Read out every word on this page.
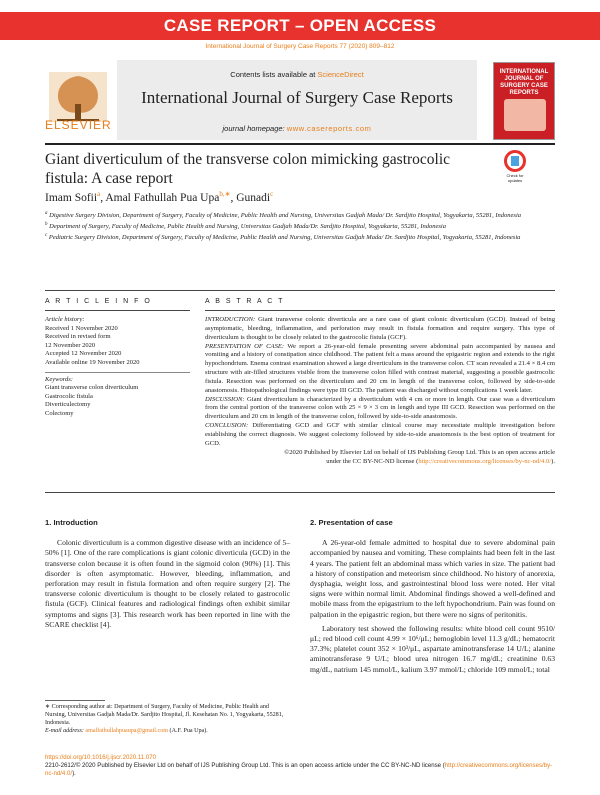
CASE REPORT – OPEN ACCESS
International Journal of Surgery Case Reports 77 (2020) 809–812
ELSEVIER
Contents lists available at ScienceDirect
International Journal of Surgery Case Reports
journal homepage: www.casereports.com
INTERNATIONAL JOURNAL OF SURGERY CASE REPORTS
Giant diverticulum of the transverse colon mimicking gastrocolic fistula: A case report	Check for updates
Imam Sofii$^a$, Amal Fathullah Pua Upa$^{b,∗}$, Gunadi$^c$
$^a$ Digestive Surgery Division, Department of Surgery, Faculty of Medicine, Public Health and Nursing, Universitas Gadjah Mada/ Dr. Sardjito Hospital, Yogyakarta, 55281, Indonesia
$^b$ Department of Surgery, Faculty of Medicine, Public Health and Nursing, Universitas Gadjah Mada/Dr. Sardjito Hospital, Yogyakarta, 55281, Indonesia
$^c$ Pediatric Surgery Division, Department of Surgery, Faculty of Medicine, Public Health and Nursing, Universitas Gadjah Mada/ Dr. Sardjito Hospital, Yogyakarta, 55281, Indonesia
A R T I C L E I N F O	A B S T R A C T
Article history:
Received 1 November 2020
Received in revised form
12 November 2020
Accepted 12 November 2020
Available online 19 November 2020
Keywords:
Giant transverse colon diverticulum
Gastrocolic fistula
Diverticulectomy
Colectomy

INTRODUCTION: Giant transverse colonic diverticula are a rare case of giant colonic diverticulum (GCD). Instead of being asymptomatic, bleeding, inflammation, and perforation may result in fistula formation and require surgery. This type of diverticulum is thought to be closely related to the gastrocolic fistula (GCF).

PRESENTATION OF CASE: We report a 26-year-old female presenting severe abdominal pain accompanied by nausea and vomiting and a history of constipation since childhood. The patient felt a mass around the epigastric region and extends to the right hypochondrium. Enema contrast examination showed a large diverticulum in the transverse colon. CT scan revealed a 21.4 × 8.4 cm structure with air-filled structures visible from the transverse colon filled with contrast material, suggesting a possible gastrocolic fistula. Resection was performed on the diverticulum and 20 cm in length of the transverse colon, followed by side-to-side anastomosis. Histopathological findings were type III GCD. The patient was discharged without complications 1 week later.

DISCUSSION: Giant diverticulum is characterized by a diverticulum with 4 cm or more in length. Our case was a diverticulum from the central portion of the transverse colon with 25 × 9 × 3 cm in length and type III GCD. Resection was performed on the diverticulum and 20 cm in length of the transverse colon, followed by side-to-side anastomosis.

CONCLUSION: Differentiating GCD and GCF with similar clinical course may necessitate multiple investigation before establishing the correct diagnosis. We suggest colectomy followed by side-to-side anastomosis is the best option of treatment for GCD.

©2020 Published by Elsevier Ltd on behalf of IJS Publishing Group Ltd. This is an open access article
under the CC BY-NC-ND license (http://creativecommons.org/licenses/by-nc-nd/4.0/).

1. Introduction

Colonic diverticulum is a common digestive disease with an incidence of 5–50% [1]. One of the rare complications is giant colonic diverticula (GCD) in the transverse colon because it is often found in the sigmoid colon (90%) [1]. This disorder is often asymptomatic. However, bleeding, inflammation, and perforation may result in fistula formation and often require surgery [2]. The transverse colonic diverticulum is thought to be closely related to gastrocolic fistula (GCF). Clinical features and radiological findings often exhibit similar symptoms and signs [3]. This research work has been reported in line with the SCARE checklist [4].

2. Presentation of case

A 26-year-old female admitted to hospital due to severe abdominal pain accompanied by nausea and vomiting. These complaints had been felt in the last 4 years. The patient felt an abdominal mass which varies in size. The patient had a history of constipation and meteorism since childhood. No history of anorexia, dysphagia, weight loss, and gastrointestinal blood loss were noted. Her vital signs were within normal limit. Abdominal findings showed a well-defined and mobile mass from the epigastrium to the left hypochondrium. Pain was found on palpation in the epigastric region, but there were no signs of peritonitis.

Laboratory test showed the following results: white blood cell count 9510/μL; red blood cell count 4.99 × 10⁶/μL; hemoglobin level 11.3 g/dL; hematocrit 37.3%; platelet count 352 × 10³/μL, aspartate aminotransferase 14 U/L; alanine aminotransferase 9 U/L; blood urea nitrogen 16.7 mg/dL; creatinine 0.63 mg/dL, natrium 145 mmol/L, kalium 3.97 mmol/L; chloride 109 mmol/L; total

∗ Corresponding author at: Department of Surgery, Faculty of Medicine, Public Health and Nursing, Universitas Gadjah Mada/Dr. Sardjito Hospital, Jl. Kesehatan No. 1, Yogyakarta, 55281, Indonesia.
E-mail address: amalfathullahpuaupa@gmail.com (A.F. Pua Upa).
https://doi.org/10.1016/j.ijscr.2020.11.070
2210-2612/© 2020 Published by Elsevier Ltd on behalf of IJS Publishing Group Ltd. This is an open access article under the CC BY-NC-ND license (http://creativecommons.org/licenses/by-nc-nd/4.0/).
